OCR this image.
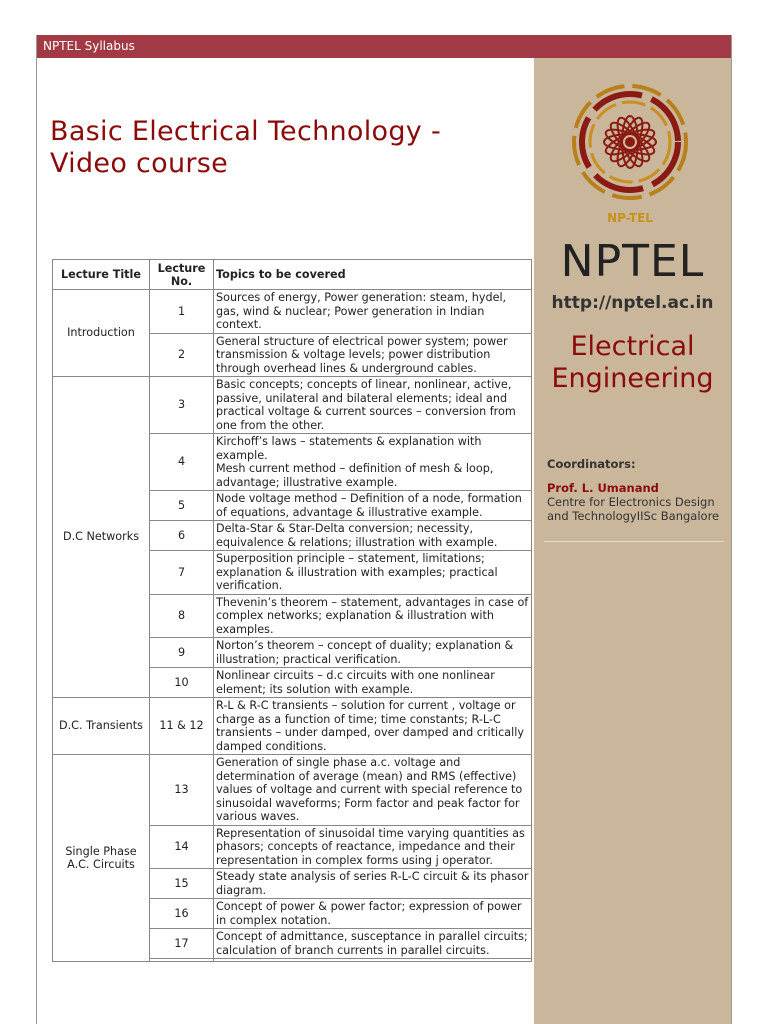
NPTEL Syllabus
Basic Electrical Technology - Video course
Lecture Title	Lecture No.	Topics to be covered
Introduction	1	Sources of energy, Power generation: steam, hydel, gas, wind & nuclear; Power generation in Indian context.
	2	General structure of electrical power system; power transmission & voltage levels; power distribution through overhead lines & underground cables.
D.C Networks	3	Basic concepts; concepts of linear, nonlinear, active, passive, unilateral and bilateral elements; ideal and practical voltage & current sources – conversion from one from the other.
	4	Kirchoff’s laws – statements & explanation with example.
Mesh current method – definition of mesh & loop, advantage; illustrative example.
	5	Node voltage method – Definition of a node, formation of equations, advantage & illustrative example.
	6	Delta-Star & Star-Delta conversion; necessity, equivalence & relations; illustration with example.
	7	Superposition principle – statement, limitations; explanation & illustration with examples; practical verification.
	8	Thevenin’s theorem – statement, advantages in case of complex networks; explanation & illustration with examples.
	9	Norton’s theorem – concept of duality; explanation & illustration; practical verification.
	10	Nonlinear circuits – d.c circuits with one nonlinear element; its solution with example.
D.C. Transients	11 & 12	R-L & R-C transients – solution for current , voltage or charge as a function of time; time constants; R-L-C transients – under damped, over damped and critically damped conditions.
Single Phase A.C. Circuits	13	Generation of single phase a.c. voltage and determination of average (mean) and RMS (effective) values of voltage and current with special reference to sinusoidal waveforms; Form factor and peak factor for various waves.
	14	Representation of sinusoidal time varying quantities as phasors; concepts of reactance, impedance and their representation in complex forms using j operator.
	15	Steady state analysis of series R-L-C circuit & its phasor diagram.
	16	Concept of power & power factor; expression of power in complex notation.
	17	Concept of admittance, susceptance in parallel circuits; calculation of branch currents in parallel circuits.

NP-TEL
NPTEL
http://nptel.ac.in
Electrical Engineering
Coordinators:
Prof. L. Umanand
Centre for Electronics Design and TechnologyIISc Bangalore
